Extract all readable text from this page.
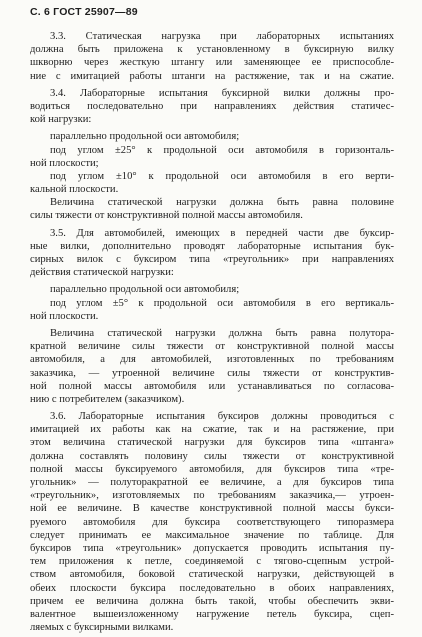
С. 6 ГОСТ 25907—89
3.3. Статическая нагрузка при лабораторных испытаниях
должна быть приложена к установленному в буксирную вилку
шкворню через жесткую штангу или заменяющее ее приспособле-
ние с имитацией работы штанги на растяжение, так и на сжатие.
3.4. Лабораторные испытания буксирной вилки должны про-
водиться последовательно при направлениях действия статичес-
кой нагрузки:
параллельно продольной оси автомобиля;
под углом ±25° к продольной оси автомобиля в горизонталь-
ной плоскости;
под углом ±10° к продольной оси автомобиля в его верти-
кальной плоскости.
Величина статической нагрузки должна быть равна половине
силы тяжести от конструктивной полной массы автомобиля.
3.5. Для автомобилей, имеющих в передней части две буксир-
ные вилки, дополнительно проводят лабораторные испытания бук-
сирных вилок с буксиром типа «треугольник» при направлениях
действия статической нагрузки:
параллельно продольной оси автомобиля;
под углом ±5° к продольной оси автомобиля в его вертикаль-
ной плоскости.
Величина статической нагрузки должна быть равна полутора-
кратной величине силы тяжести от конструктивной полной массы
автомобиля, а для автомобилей, изготовленных по требованиям
заказчика, — утроенной величине силы тяжести от конструктив-
ной полной массы автомобиля или устанавливаться по согласова-
нию с потребителем (заказчиком).
3.6. Лабораторные испытания буксиров должны проводиться с
имитацией их работы как на сжатие, так и на растяжение, при
этом величина статической нагрузки для буксиров типа «штанга»
должна составлять половину силы тяжести от конструктивной
полной массы буксируемого автомобиля, для буксиров типа «тре-
угольник» — полуторакратной ее величине, а для буксиров типа
«треугольник», изготовляемых по требованиям заказчика,— утроен-
ной ее величине. В качестве конструктивной полной массы букси-
руемого автомобиля для буксира соответствующего типоразмера
следует принимать ее максимальное значение по таблице. Для
буксиров типа «треугольник» допускается проводить испытания пу-
тем приложения к петле, соединяемой с тягово-сцепным устрой-
ством автомобиля, боковой статической нагрузки, действующей в
обеих плоскости буксира последовательно в обоих направлениях,
причем ее величина должна быть такой, чтобы обеспечить экви-
валентное вышеизложенному нагружение петель буксира, сцеп-
ляемых с буксирными вилками.
